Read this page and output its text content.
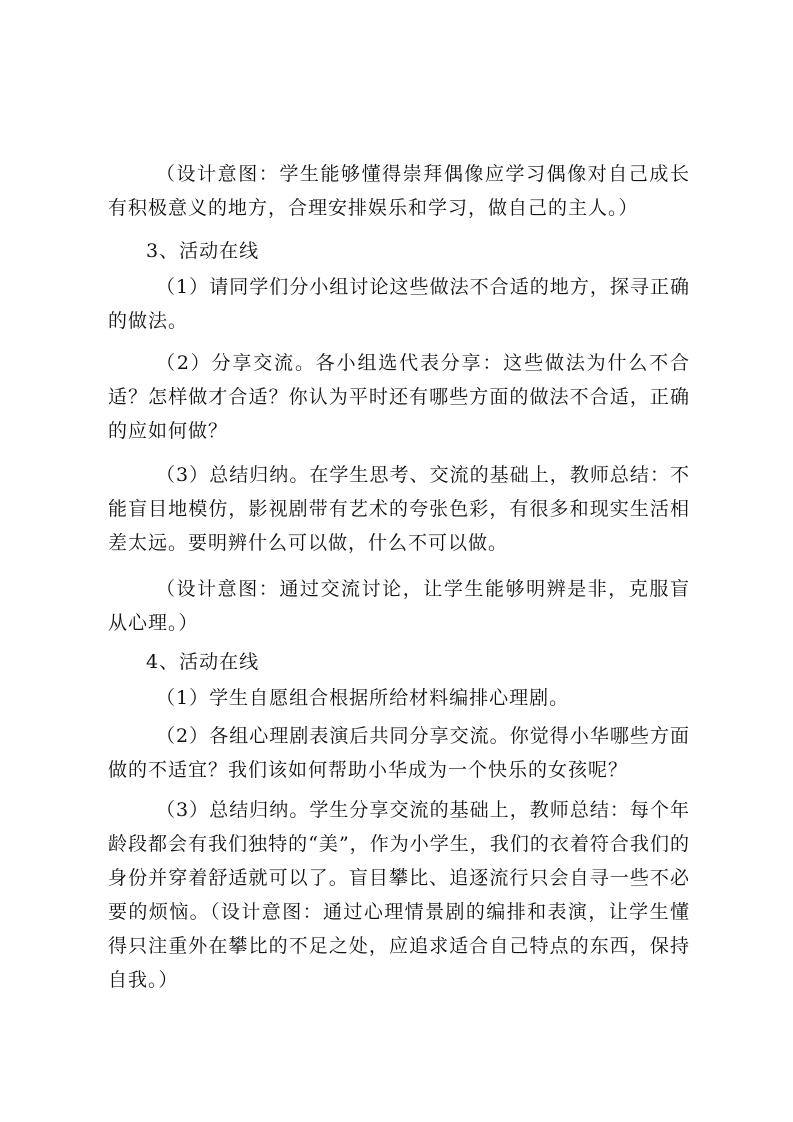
（设计意图：学生能够懂得崇拜偶像应学习偶像对自己成长有积极意义的地方，合理安排娱乐和学习，做自己的主人。）

3、活动在线

（1）请同学们分小组讨论这些做法不合适的地方，探寻正确的做法。

（2）分享交流。各小组选代表分享：这些做法为什么不合适？怎样做才合适？你认为平时还有哪些方面的做法不合适，正确的应如何做？

（3）总结归纳。在学生思考、交流的基础上，教师总结：不能盲目地模仿，影视剧带有艺术的夸张色彩，有很多和现实生活相差太远。要明辨什么可以做，什么不可以做。

（设计意图：通过交流讨论，让学生能够明辨是非，克服盲从心理。）

4、活动在线

（1）学生自愿组合根据所给材料编排心理剧。

（2）各组心理剧表演后共同分享交流。你觉得小华哪些方面做的不适宜？我们该如何帮助小华成为一个快乐的女孩呢？

（3）总结归纳。学生分享交流的基础上，教师总结：每个年龄段都会有我们独特的“美”，作为小学生，我们的衣着符合我们的身份并穿着舒适就可以了。盲目攀比、追逐流行只会自寻一些不必要的烦恼。（设计意图：通过心理情景剧的编排和表演，让学生懂得只注重外在攀比的不足之处，应追求适合自己特点的东西，保持自我。）
